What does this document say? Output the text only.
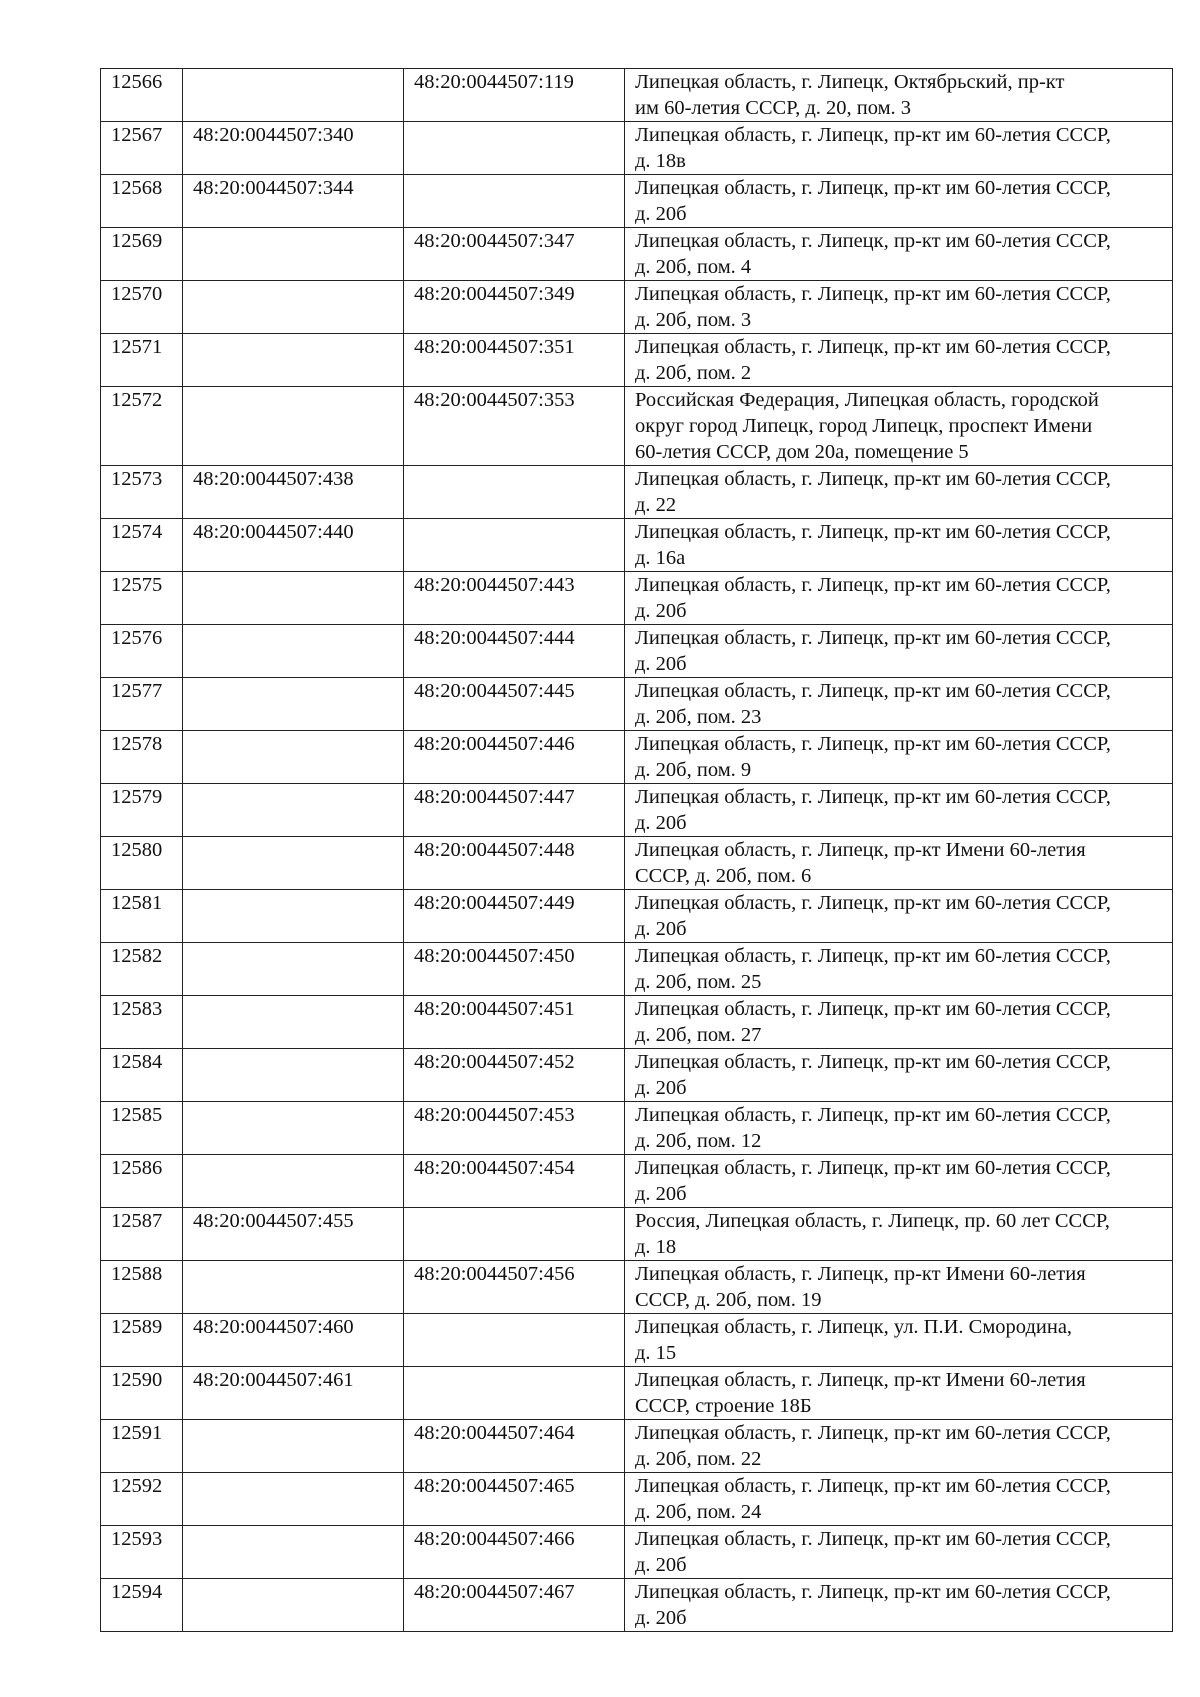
12566		48:20:0044507:119	Липецкая область, г. Липецк, Октябрьский, пр-кт
им 60-летия СССР, д. 20, пом. 3
12567	48:20:0044507:340		Липецкая область, г. Липецк, пр-кт им 60-летия СССР,
д. 18в
12568	48:20:0044507:344		Липецкая область, г. Липецк, пр-кт им 60-летия СССР,
д. 20б
12569		48:20:0044507:347	Липецкая область, г. Липецк, пр-кт им 60-летия СССР,
д. 20б, пом. 4
12570		48:20:0044507:349	Липецкая область, г. Липецк, пр-кт им 60-летия СССР,
д. 20б, пом. 3
12571		48:20:0044507:351	Липецкая область, г. Липецк, пр-кт им 60-летия СССР,
д. 20б, пом. 2
12572		48:20:0044507:353	Российская Федерация, Липецкая область, городской
округ город Липецк, город Липецк, проспект Имени
60-летия СССР, дом 20а, помещение 5
12573	48:20:0044507:438		Липецкая область, г. Липецк, пр-кт им 60-летия СССР,
д. 22
12574	48:20:0044507:440		Липецкая область, г. Липецк, пр-кт им 60-летия СССР,
д. 16а
12575		48:20:0044507:443	Липецкая область, г. Липецк, пр-кт им 60-летия СССР,
д. 20б
12576		48:20:0044507:444	Липецкая область, г. Липецк, пр-кт им 60-летия СССР,
д. 20б
12577		48:20:0044507:445	Липецкая область, г. Липецк, пр-кт им 60-летия СССР,
д. 20б, пом. 23
12578		48:20:0044507:446	Липецкая область, г. Липецк, пр-кт им 60-летия СССР,
д. 20б, пом. 9
12579		48:20:0044507:447	Липецкая область, г. Липецк, пр-кт им 60-летия СССР,
д. 20б
12580		48:20:0044507:448	Липецкая область, г. Липецк, пр-кт Имени 60-летия
СССР, д. 20б, пом. 6
12581		48:20:0044507:449	Липецкая область, г. Липецк, пр-кт им 60-летия СССР,
д. 20б
12582		48:20:0044507:450	Липецкая область, г. Липецк, пр-кт им 60-летия СССР,
д. 20б, пом. 25
12583		48:20:0044507:451	Липецкая область, г. Липецк, пр-кт им 60-летия СССР,
д. 20б, пом. 27
12584		48:20:0044507:452	Липецкая область, г. Липецк, пр-кт им 60-летия СССР,
д. 20б
12585		48:20:0044507:453	Липецкая область, г. Липецк, пр-кт им 60-летия СССР,
д. 20б, пом. 12
12586		48:20:0044507:454	Липецкая область, г. Липецк, пр-кт им 60-летия СССР,
д. 20б
12587	48:20:0044507:455		Россия, Липецкая область, г. Липецк, пр. 60 лет СССР,
д. 18
12588		48:20:0044507:456	Липецкая область, г. Липецк, пр-кт Имени 60-летия
СССР, д. 20б, пом. 19
12589	48:20:0044507:460		Липецкая область, г. Липецк, ул. П.И. Смородина,
д. 15
12590	48:20:0044507:461		Липецкая область, г. Липецк, пр-кт Имени 60-летия
СССР, строение 18Б
12591		48:20:0044507:464	Липецкая область, г. Липецк, пр-кт им 60-летия СССР,
д. 20б, пом. 22
12592		48:20:0044507:465	Липецкая область, г. Липецк, пр-кт им 60-летия СССР,
д. 20б, пом. 24
12593		48:20:0044507:466	Липецкая область, г. Липецк, пр-кт им 60-летия СССР,
д. 20б
12594		48:20:0044507:467	Липецкая область, г. Липецк, пр-кт им 60-летия СССР,
д. 20б
